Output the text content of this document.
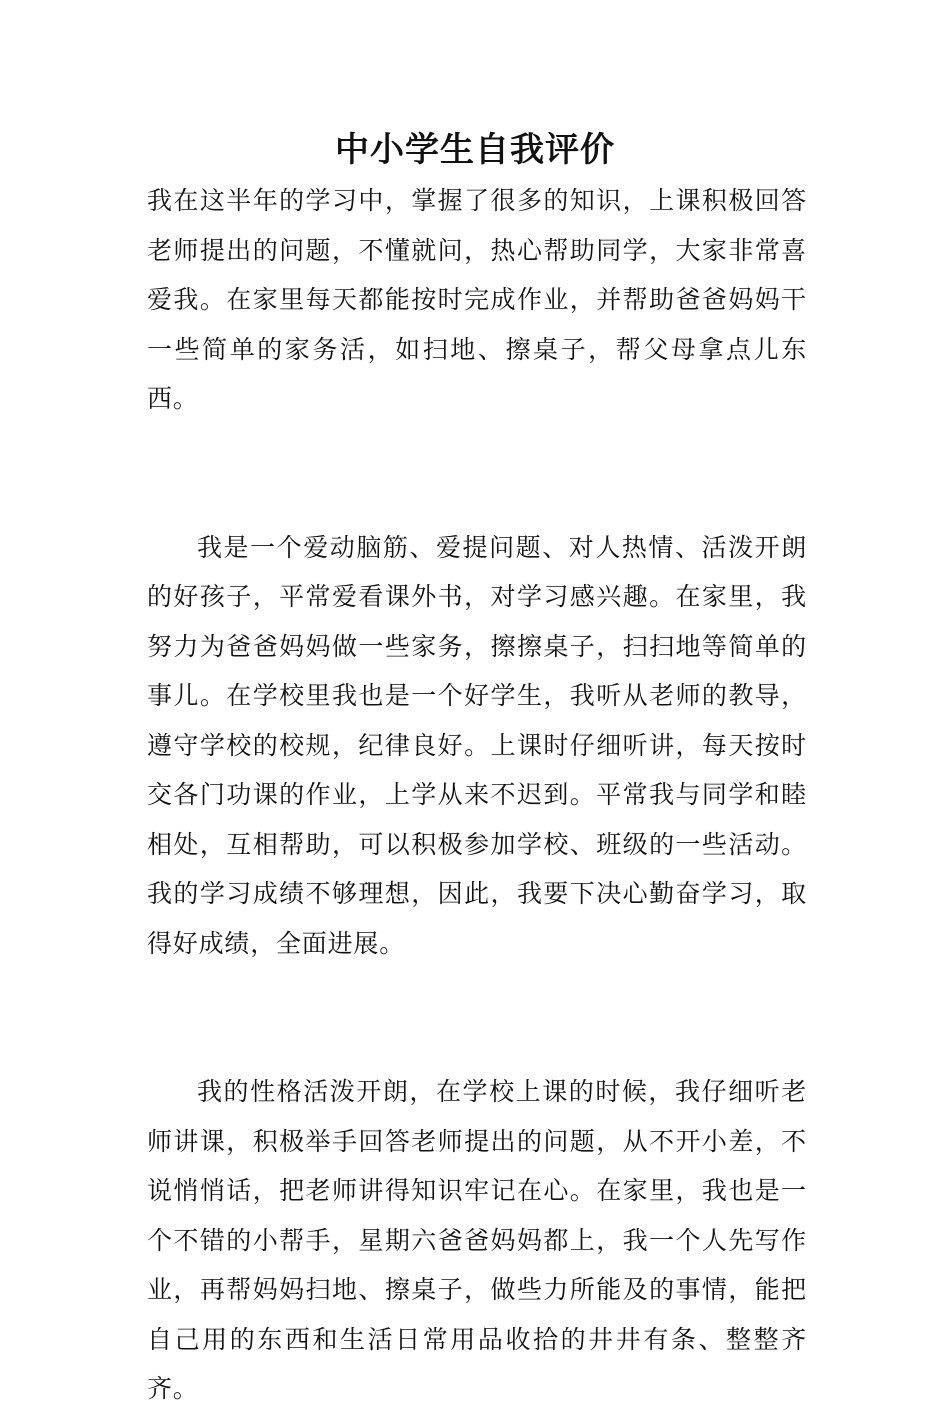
中小学生自我评价

我在这半年的学习中，掌握了很多的知识，上课积极回答老师提出的问题，不懂就问，热心帮助同学，大家非常喜爱我。在家里每天都能按时完成作业，并帮助爸爸妈妈干一些简单的家务活，如扫地、擦桌子，帮父母拿点儿东西。

我是一个爱动脑筋、爱提问题、对人热情、活泼开朗的好孩子，平常爱看课外书，对学习感兴趣。在家里，我努力为爸爸妈妈做一些家务，擦擦桌子，扫扫地等简单的事儿。在学校里我也是一个好学生，我听从老师的教导，遵守学校的校规，纪律良好。上课时仔细听讲，每天按时交各门功课的作业，上学从来不迟到。平常我与同学和睦相处，互相帮助，可以积极参加学校、班级的一些活动。我的学习成绩不够理想，因此，我要下决心勤奋学习，取得好成绩，全面进展。

我的性格活泼开朗，在学校上课的时候，我仔细听老师讲课，积极举手回答老师提出的问题，从不开小差，不说悄悄话，把老师讲得知识牢记在心。在家里，我也是一个不错的小帮手，星期六爸爸妈妈都上，我一个人先写作业，再帮妈妈扫地、擦桌子，做些力所能及的事情，能把自己用的东西和生活日常用品收拾的井井有条、整整齐齐。
